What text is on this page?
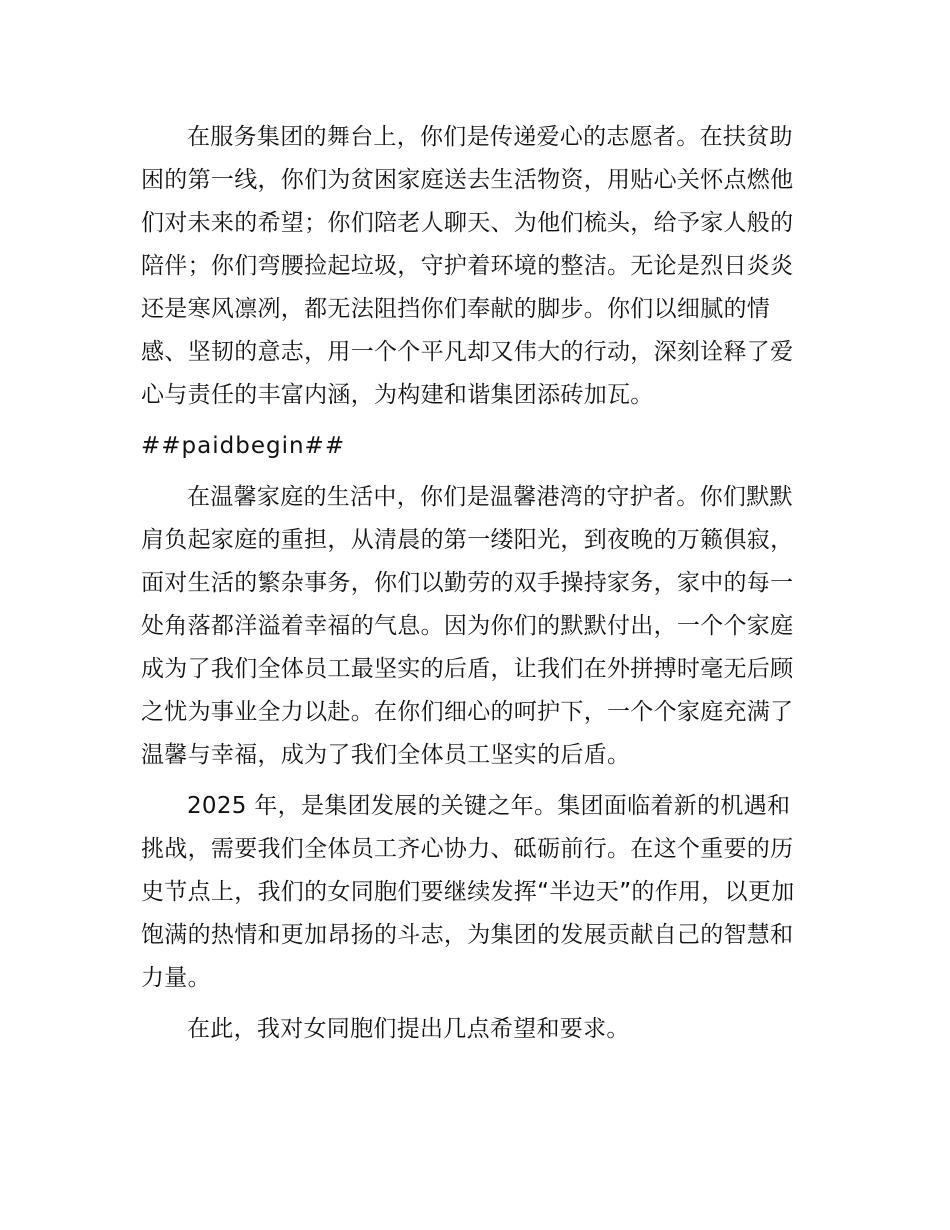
在服务集团的舞台上，你们是传递爱心的志愿者。在扶贫助困的第一线，你们为贫困家庭送去生活物资，用贴心关怀点燃他们对未来的希望；你们陪老人聊天、为他们梳头，给予家人般的陪伴；你们弯腰捡起垃圾，守护着环境的整洁。无论是烈日炎炎还是寒风凛冽，都无法阻挡你们奉献的脚步。你们以细腻的情感、坚韧的意志，用一个个平凡却又伟大的行动，深刻诠释了爱心与责任的丰富内涵，为构建和谐集团添砖加瓦。

##paidbegin##

在温馨家庭的生活中，你们是温馨港湾的守护者。你们默默肩负起家庭的重担，从清晨的第一缕阳光，到夜晚的万籁俱寂，面对生活的繁杂事务，你们以勤劳的双手操持家务，家中的每一处角落都洋溢着幸福的气息。因为你们的默默付出，一个个家庭成为了我们全体员工最坚实的后盾，让我们在外拼搏时毫无后顾之忧为事业全力以赴。在你们细心的呵护下，一个个家庭充满了温馨与幸福，成为了我们全体员工坚实的后盾。

2025 年，是集团发展的关键之年。集团面临着新的机遇和挑战，需要我们全体员工齐心协力、砥砺前行。在这个重要的历史节点上，我们的女同胞们要继续发挥“半边天”的作用，以更加饱满的热情和更加昂扬的斗志，为集团的发展贡献自己的智慧和力量。

在此，我对女同胞们提出几点希望和要求。
